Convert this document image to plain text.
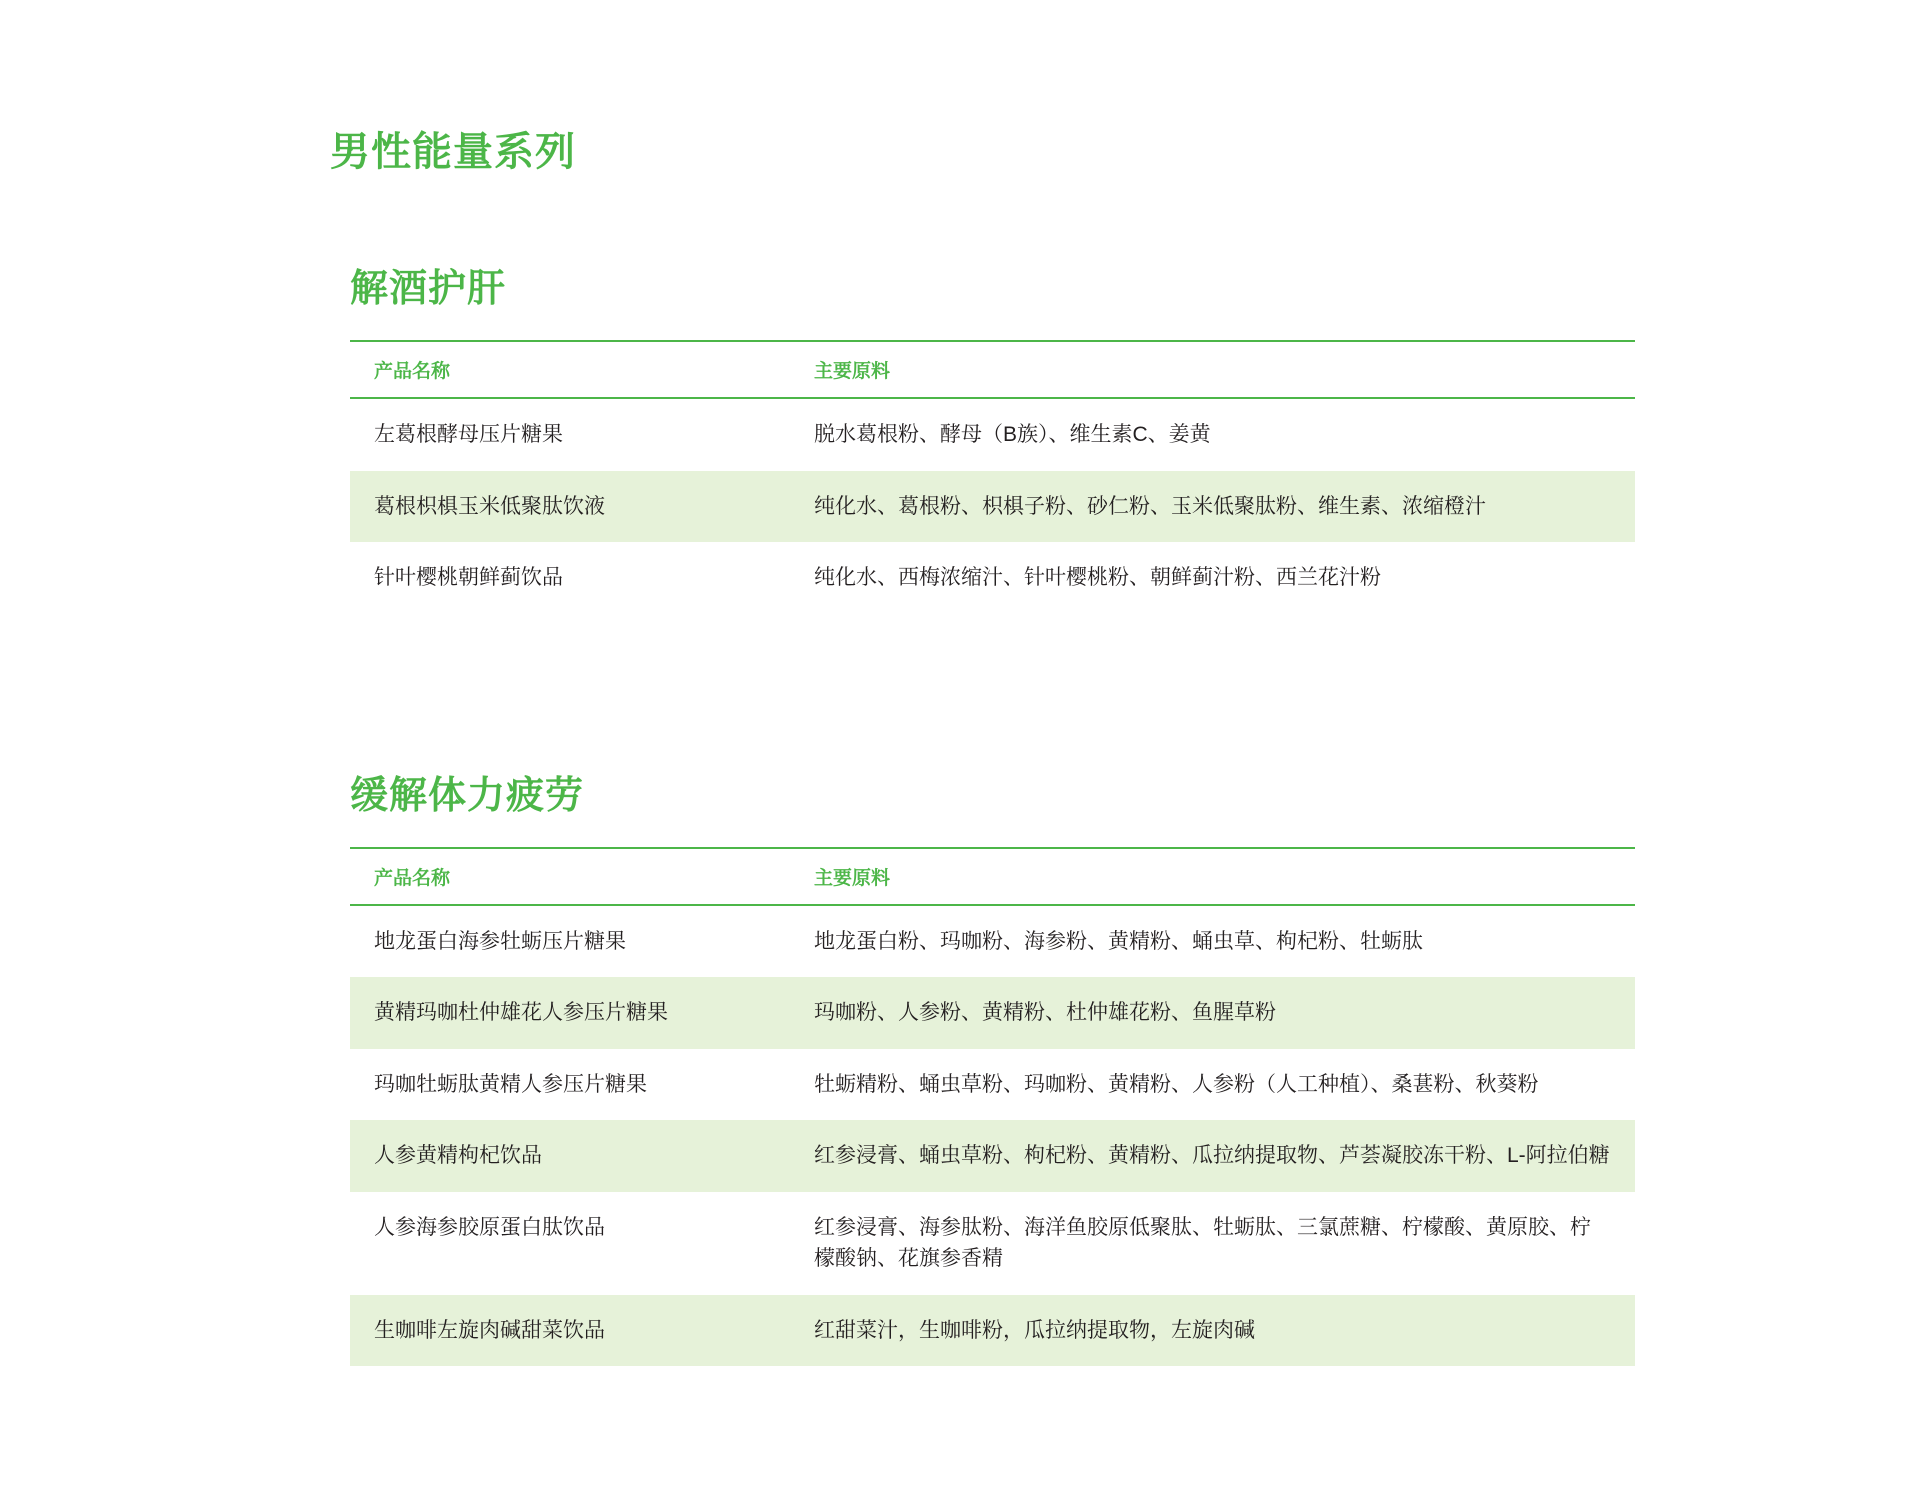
男性能量系列
解酒护肝
产品名称	主要原料
左葛根酵母压片糖果	脱水葛根粉、酵母（B族）、维生素C、姜黄
葛根枳椇玉米低聚肽饮液	纯化水、葛根粉、枳椇子粉、砂仁粉、玉米低聚肽粉、维生素、浓缩橙汁
针叶樱桃朝鲜蓟饮品	纯化水、西梅浓缩汁、针叶樱桃粉、朝鲜蓟汁粉、西兰花汁粉
缓解体力疲劳
产品名称	主要原料
地龙蛋白海参牡蛎压片糖果	地龙蛋白粉、玛咖粉、海参粉、黄精粉、蛹虫草、枸杞粉、牡蛎肽
黄精玛咖杜仲雄花人参压片糖果	玛咖粉、人参粉、黄精粉、杜仲雄花粉、鱼腥草粉
玛咖牡蛎肽黄精人参压片糖果	牡蛎精粉、蛹虫草粉、玛咖粉、黄精粉、人参粉（人工种植）、桑葚粉、秋葵粉
人参黄精枸杞饮品	红参浸膏、蛹虫草粉、枸杞粉、黄精粉、瓜拉纳提取物、芦荟凝胶冻干粉、L-阿拉伯糖
人参海参胶原蛋白肽饮品	红参浸膏、海参肽粉、海洋鱼胶原低聚肽、牡蛎肽、三氯蔗糖、柠檬酸、黄原胶、柠檬酸钠、花旗参香精
生咖啡左旋肉碱甜菜饮品	红甜菜汁，生咖啡粉，瓜拉纳提取物，左旋肉碱
